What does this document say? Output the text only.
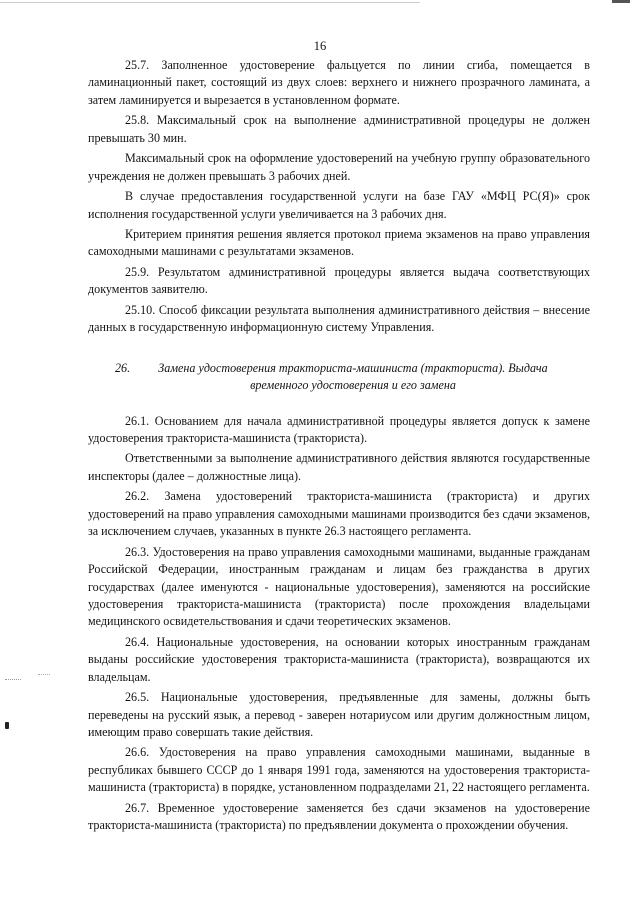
16

25.7. Заполненное удостоверение фальцуется по линии сгиба, помещается в ламинационный пакет, состоящий из двух слоев: верхнего и нижнего прозрачного ламината, а затем ламинируется и вырезается в установленном формате.

25.8. Максимальный срок на выполнение административной процедуры не должен превышать 30 мин.

Максимальный срок на оформление удостоверений на учебную группу образовательного учреждения не должен превышать 3 рабочих дней.

В случае предоставления государственной услуги на базе ГАУ «МФЦ РС(Я)» срок исполнения государственной услуги увеличивается на 3 рабочих дня.

Критерием принятия решения является протокол приема экзаменов на право управления самоходными машинами с результатами экзаменов.

25.9. Результатом административной процедуры является выдача соответствующих документов заявителю.

25.10. Способ фиксации результата выполнения административного действия – внесение данных в государственную информационную систему Управления.

26. Замена удостоверения тракториста-машиниста (тракториста). Выдача временного удостоверения и его замена

26.1. Основанием для начала административной процедуры является допуск к замене удостоверения тракториста-машиниста (тракториста).

Ответственными за выполнение административного действия являются государственные инспекторы (далее – должностные лица).

26.2. Замена удостоверений тракториста-машиниста (тракториста) и других удостоверений на право управления самоходными машинами производится без сдачи экзаменов, за исключением случаев, указанных в пункте 26.3 настоящего регламента.

26.3. Удостоверения на право управления самоходными машинами, выданные гражданам Российской Федерации, иностранным гражданам и лицам без гражданства в других государствах (далее именуются - национальные удостоверения), заменяются на российские удостоверения тракториста-машиниста (тракториста) после прохождения владельцами медицинского освидетельствования и сдачи теоретических экзаменов.

26.4. Национальные удостоверения, на основании которых иностранным гражданам выданы российские удостоверения тракториста-машиниста (тракториста), возвращаются их владельцам.

26.5. Национальные удостоверения, предъявленные для замены, должны быть переведены на русский язык, а перевод - заверен нотариусом или другим должностным лицом, имеющим право совершать такие действия.

26.6. Удостоверения на право управления самоходными машинами, выданные в республиках бывшего СССР до 1 января 1991 года, заменяются на удостоверения тракториста-машиниста (тракториста) в порядке, установленном подразделами 21, 22 настоящего регламента.

26.7. Временное удостоверение заменяется без сдачи экзаменов на удостоверение тракториста-машиниста (тракториста) по предъявлении документа о прохождении обучения.
